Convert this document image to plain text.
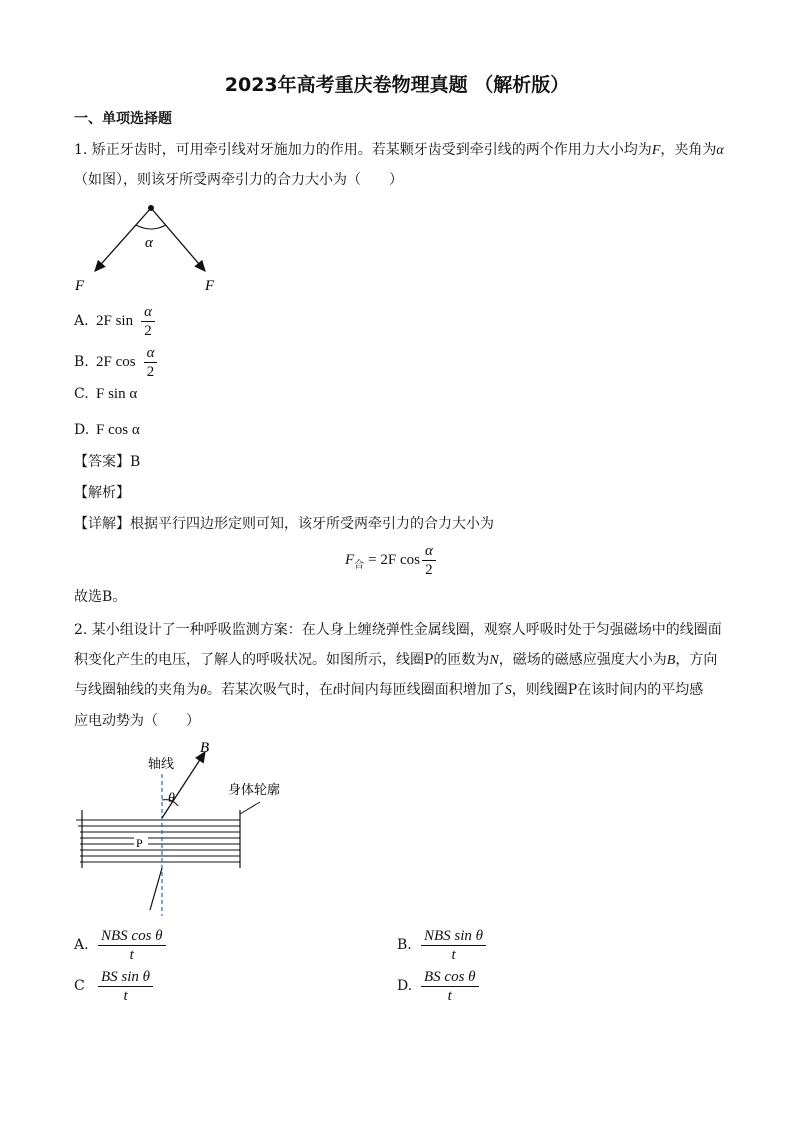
2023年高考重庆卷物理真题 （解析版）
一、单项选择题
1. 矫正牙齿时，可用牵引线对牙施加力的作用。若某颗牙齿受到牵引线的两个作用力大小均为F，夹角为α
（如图），则该牙所受两牵引力的合力大小为（　　）
α
F	F
A. 2F $\sin \frac{\alpha}{2}$
B. 2F $\cos \frac{\alpha}{2}$
C. F sin α
D. F cos α
【答案】B
【解析】
【详解】根据平行四边形定则可知，该牙所受两牵引力的合力大小为
$F_合 = 2F$ $\cos \frac{\alpha}{2}$
故选B。
2. 某小组设计了一种呼吸监测方案：在人身上缠绕弹性金属线圈，观察人呼吸时处于匀强磁场中的线圈面
积变化产生的电压，了解人的呼吸状况。如图所示，线圈P的匝数为N，磁场的磁感应强度大小为B，方向
与线圈轴线的夹角为θ。若某次吸气时，在t时间内每匝线圈面积增加了S，则线圈P在该时间内的平均感
应电动势为（　　）
P
轴线
B
θ
身体轮廓
A. $\frac{\text{NBS cos θ}}{t}$	B. $\frac{\text{NBS sin θ}}{t}$
C $\frac{\text{BS sin θ}}{t}$	D. $\frac{\text{BS cos θ}}{t}$
